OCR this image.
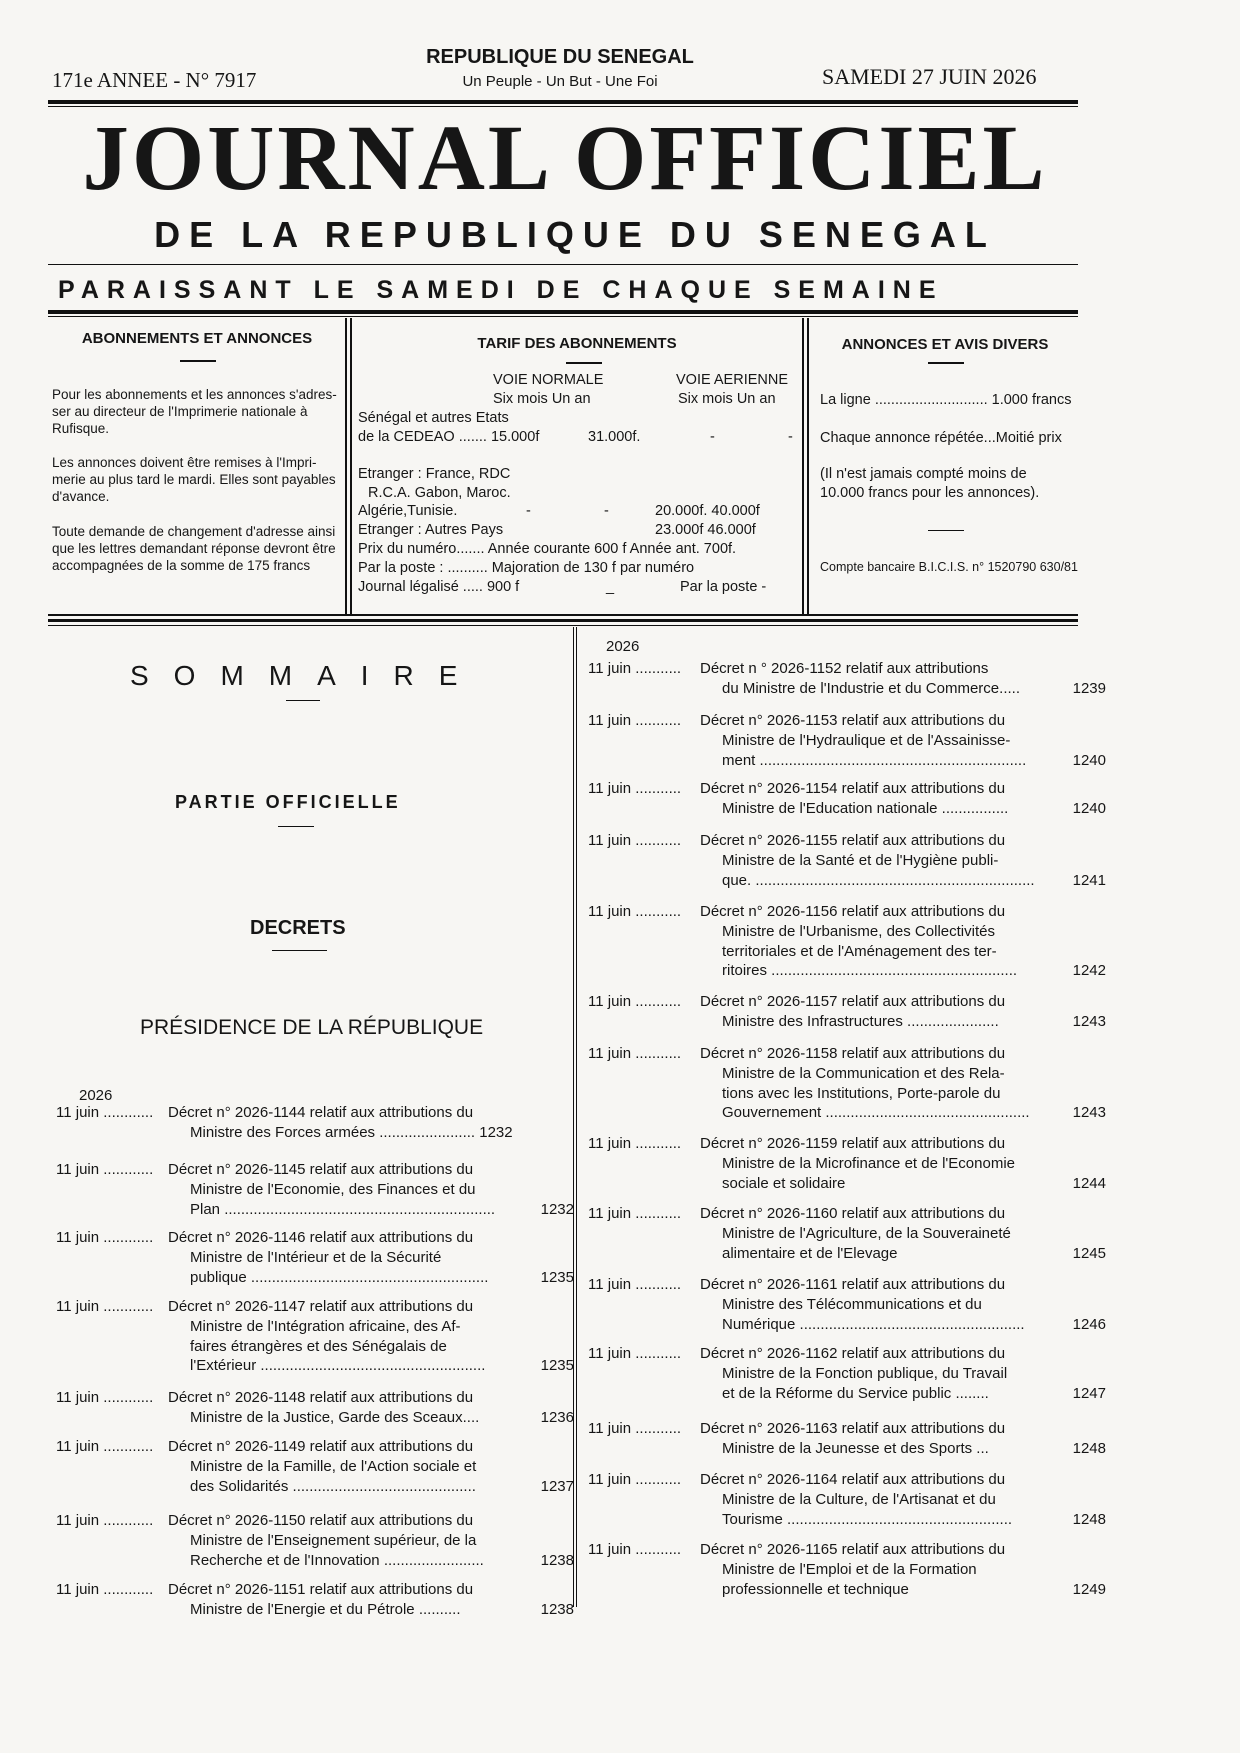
171e ANNEE - N° 7917
REPUBLIQUE DU SENEGAL
Un Peuple - Un But - Une Foi	SAMEDI 27 JUIN 2026
JOURNAL OFFICIEL
DE LA REPUBLIQUE DU SENEGAL
PARAISSANT LE SAMEDI DE CHAQUE SEMAINE
ABONNEMENTS ET ANNONCES
Pour les abonnements et les annonces s'adres-
ser au directeur de l'Imprimerie nationale à
Rufisque.
Les annonces doivent être remises à l'Impri-
merie au plus tard le mardi. Elles sont payables
d'avance.
Toute demande de changement d'adresse ainsi
que les lettres demandant réponse devront être
accompagnées de la somme de 175 francs
TARIF DES ABONNEMENTS
VOIE NORMALE	VOIE AERIENNE
Six mois Un an	Six mois Un an
Sénégal et autres Etats
de la CEDEAO ....... 15.000f	31.000f.	-	-
Etranger : France, RDC
R.C.A. Gabon, Maroc.
Algérie,Tunisie.	-	-	20.000f. 40.000f
Etranger : Autres Pays	23.000f 46.000f
Prix du numéro....... Année courante 600 f Année ant. 700f.
Par la poste : .......... Majoration de 130 f par numéro
Journal légalisé ..... 900 f	_	Par la poste -
ANNONCES ET AVIS DIVERS
La ligne ............................ 1.000 francs
Chaque annonce répétée...Moitié prix
(Il n'est jamais compté moins de
10.000 francs pour les annonces).
Compte bancaire B.I.C.I.S. n° 1520790 630/81
SOMMAIRE
PARTIE OFFICIELLE
DECRETS
PRÉSIDENCE DE LA RÉPUBLIQUE
2026
11 juin ............ Décret n° 2026-1144 relatif aux attributions du
Ministre des Forces armées ....................... 1232
11 juin ............ Décret n° 2026-1145 relatif aux attributions du
Ministre de l'Economie, des Finances et du
Plan .................................................................	1232
11 juin ............ Décret n° 2026-1146 relatif aux attributions du
Ministre de l'Intérieur et de la Sécurité
publique .........................................................	1235
11 juin ............ Décret n° 2026-1147 relatif aux attributions du
Ministre de l'Intégration africaine, des Af-
faires étrangères et des Sénégalais de
l'Extérieur ......................................................	1235
11 juin ............ Décret n° 2026-1148 relatif aux attributions du
Ministre de la Justice, Garde des Sceaux....	1236
11 juin ............ Décret n° 2026-1149 relatif aux attributions du
Ministre de la Famille, de l'Action sociale et
des Solidarités ............................................	1237
11 juin ............ Décret n° 2026-1150 relatif aux attributions du
Ministre de l'Enseignement supérieur, de la
Recherche et de l'Innovation ........................	1238
11 juin ............ Décret n° 2026-1151 relatif aux attributions du
Ministre de l'Energie et du Pétrole ..........	1238
2026
11 juin ........... Décret n ° 2026-1152 relatif aux attributions
du Ministre de l'Industrie et du Commerce.....	1239
11 juin ........... Décret n° 2026-1153 relatif aux attributions du
Ministre de l'Hydraulique et de l'Assainisse-
ment ................................................................	1240
11 juin ........... Décret n° 2026-1154 relatif aux attributions du
Ministre de l'Education nationale ................	1240
11 juin ........... Décret n° 2026-1155 relatif aux attributions du
Ministre de la Santé et de l'Hygiène publi-
que. ...................................................................	1241
11 juin ........... Décret n° 2026-1156 relatif aux attributions du
Ministre de l'Urbanisme, des Collectivités
territoriales et de l'Aménagement des ter-
ritoires ...........................................................	1242
11 juin ........... Décret n° 2026-1157 relatif aux attributions du
Ministre des Infrastructures ......................	1243
11 juin ........... Décret n° 2026-1158 relatif aux attributions du
Ministre de la Communication et des Rela-
tions avec les Institutions, Porte-parole du
Gouvernement .................................................	1243
11 juin ........... Décret n° 2026-1159 relatif aux attributions du
Ministre de la Microfinance et de l'Economie
sociale et solidaire	1244
11 juin ........... Décret n° 2026-1160 relatif aux attributions du
Ministre de l'Agriculture, de la Souveraineté
alimentaire et de l'Elevage	1245
11 juin ........... Décret n° 2026-1161 relatif aux attributions du
Ministre des Télécommunications et du
Numérique ......................................................	1246
11 juin ........... Décret n° 2026-1162 relatif aux attributions du
Ministre de la Fonction publique, du Travail
et de la Réforme du Service public ........	1247
11 juin ........... Décret n° 2026-1163 relatif aux attributions du
Ministre de la Jeunesse et des Sports ...	1248
11 juin ........... Décret n° 2026-1164 relatif aux attributions du
Ministre de la Culture, de l'Artisanat et du
Tourisme ......................................................	1248
11 juin ........... Décret n° 2026-1165 relatif aux attributions du
Ministre de l'Emploi et de la Formation
professionnelle et technique	1249
